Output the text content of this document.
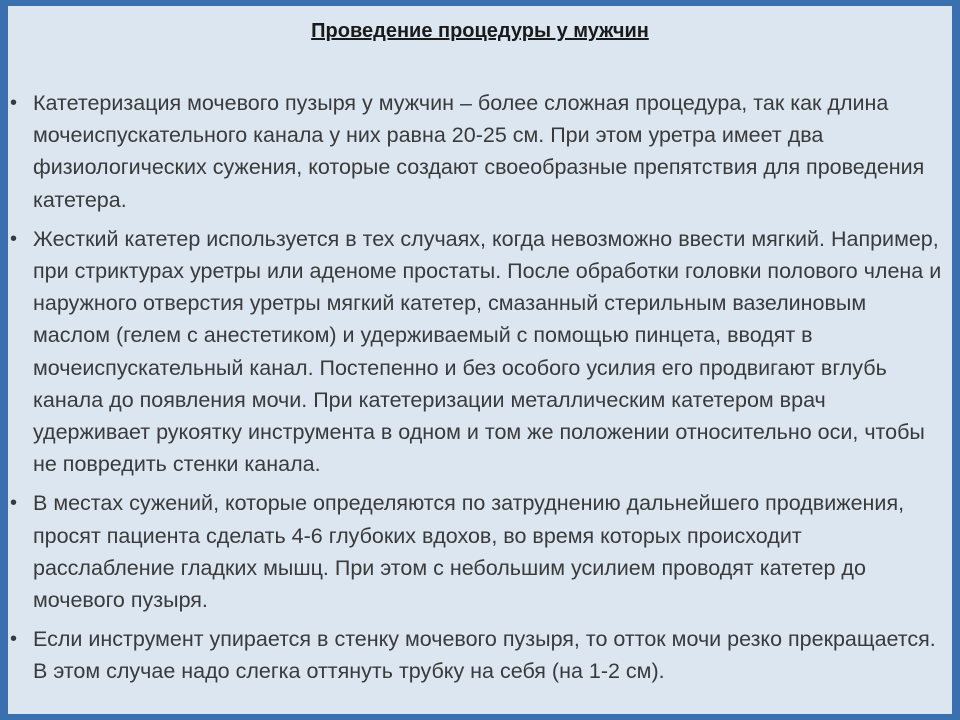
Проведение процедуры у мужчин
• Катетеризация мочевого пузыря у мужчин – более сложная процедура, так как длина мочеиспускательного канала у них равна 20-25 см. При этом уретра имеет два физиологических сужения, которые создают своеобразные препятствия для проведения катетера.
• Жесткий катетер используется в тех случаях, когда невозможно ввести мягкий. Например, при стриктурах уретры или аденоме простаты. После обработки головки полового члена и наружного отверстия уретры мягкий катетер, смазанный стерильным вазелиновым маслом (гелем с анестетиком) и удерживаемый с помощью пинцета, вводят в мочеиспускательный канал. Постепенно и без особого усилия его продвигают вглубь канала до появления мочи. При катетеризации металлическим катетером врач удерживает рукоятку инструмента в одном и том же положении относительно оси, чтобы не повредить стенки канала.
• В местах сужений, которые определяются по затруднению дальнейшего продвижения, просят пациента сделать 4-6 глубоких вдохов, во время которых происходит расслабление гладких мышц. При этом с небольшим усилием проводят катетер до мочевого пузыря.
• Если инструмент упирается в стенку мочевого пузыря, то отток мочи резко прекращается. В этом случае надо слегка оттянуть трубку на себя (на 1-2 см).
